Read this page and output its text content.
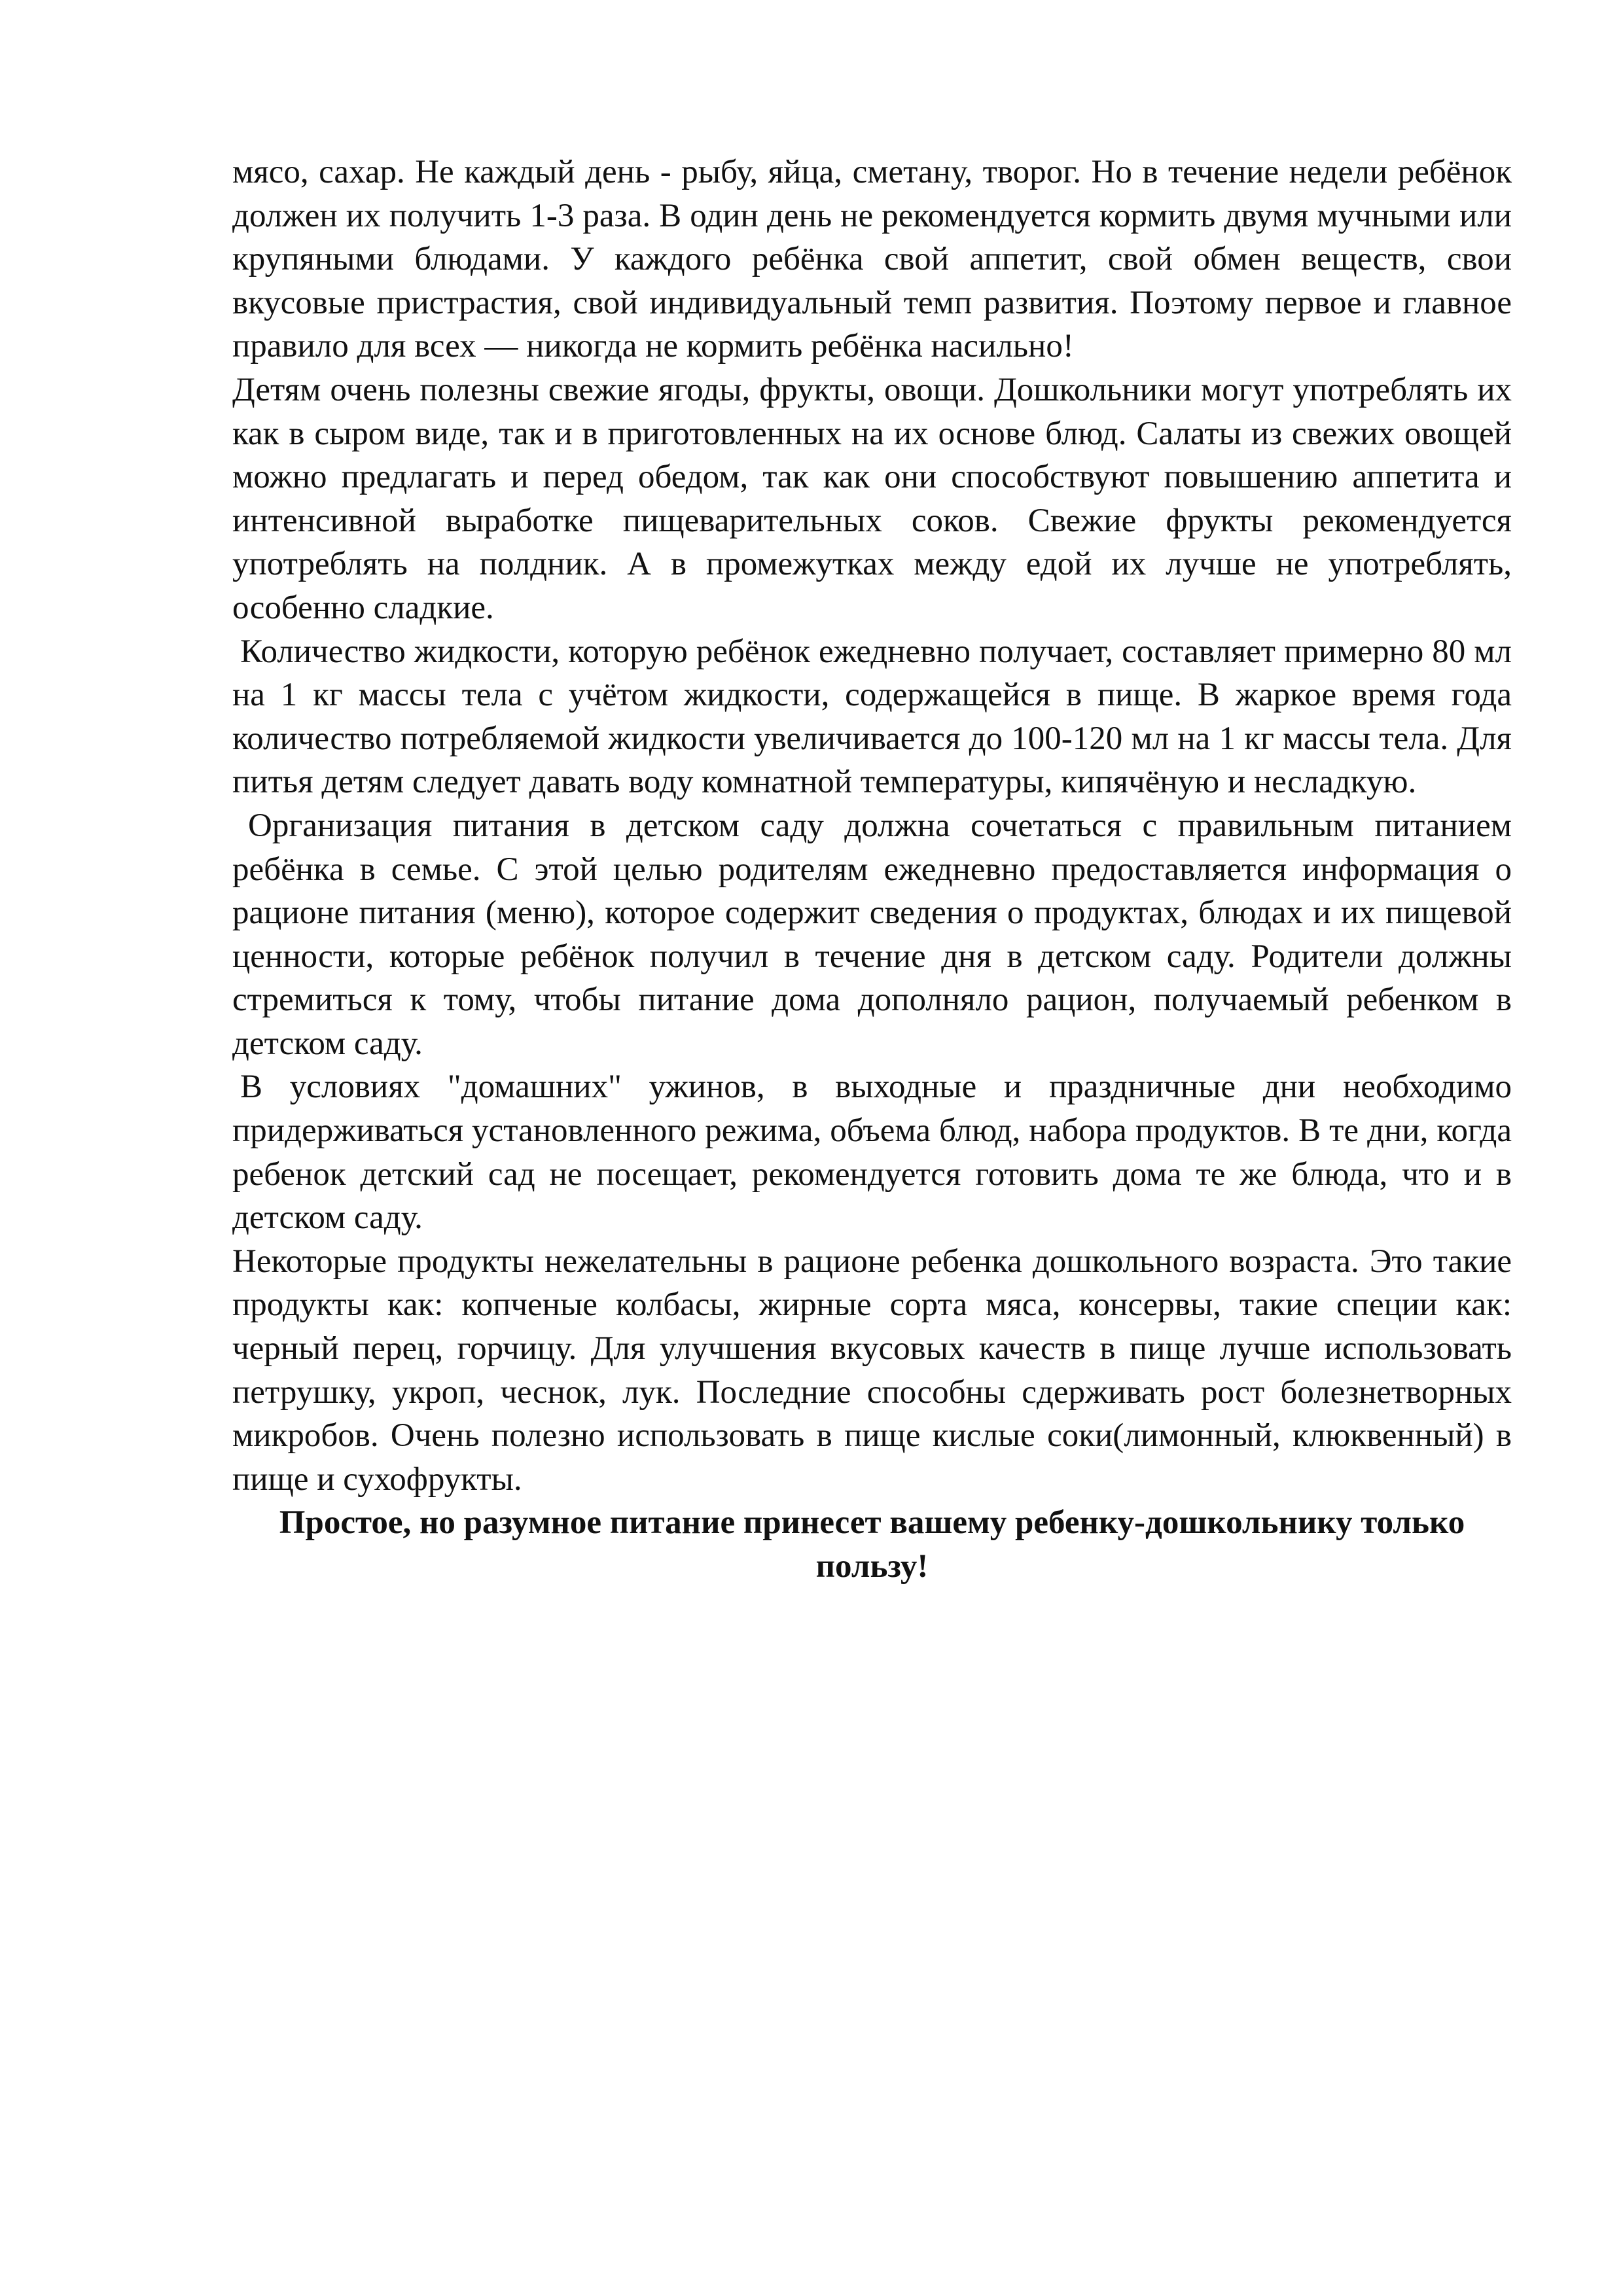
мясо, сахар. Не каждый день - рыбу, яйца, сметану, творог. Но в течение недели ребёнок должен их получить 1-3 раза. В один день не рекомендуется кормить двумя мучными или крупяными блюдами. У каждого ребёнка свой аппетит, свой обмен веществ, свои вкусовые пристрастия, свой индивидуальный темп развития. Поэтому первое и главное правило для всех — никогда не кормить ребёнка насильно!

Детям очень полезны свежие ягоды, фрукты, овощи. Дошкольники могут употреблять их как в сыром виде, так и в приготовленных на их основе блюд. Салаты из свежих овощей можно предлагать и перед обедом, так как они способствуют повышению аппетита и интенсивной выработке пищеварительных соков. Свежие фрукты рекомендуется употреблять на полдник. А в промежутках между едой их лучше не употреблять, особенно сладкие.

Количество жидкости, которую ребёнок ежедневно получает, составляет примерно 80 мл на 1 кг массы тела с учётом жидкости, содержащейся в пище. В жаркое время года количество потребляемой жидкости увеличивается до 100-120 мл на 1 кг массы тела. Для питья детям следует давать воду комнатной температуры, кипячёную и несладкую.

Организация питания в детском саду должна сочетаться с правильным питанием ребёнка в семье. С этой целью родителям ежедневно предоставляется информация о рационе питания (меню), которое содержит сведения о продуктах, блюдах и их пищевой ценности, которые ребёнок получил в течение дня в детском саду. Родители должны стремиться к тому, чтобы питание дома дополняло рацион, получаемый ребенком в детском саду.

В условиях "домашних" ужинов, в выходные и праздничные дни необходимо придерживаться установленного режима, объема блюд, набора продуктов. В те дни, когда ребенок детский сад не посещает, рекомендуется готовить дома те же блюда, что и в детском саду.

Некоторые продукты нежелательны в рационе ребенка дошкольного возраста. Это такие продукты как: копченые колбасы, жирные сорта мяса, консервы, такие специи как: черный перец, горчицу. Для улучшения вкусовых качеств в пище лучше использовать петрушку, укроп, чеснок, лук. Последние способны сдерживать рост болезнетворных микробов. Очень полезно использовать в пище кислые соки(лимонный, клюквенный) в пище и сухофрукты.

Простое, но разумное питание принесет вашему ребенку-дошкольнику только пользу!
